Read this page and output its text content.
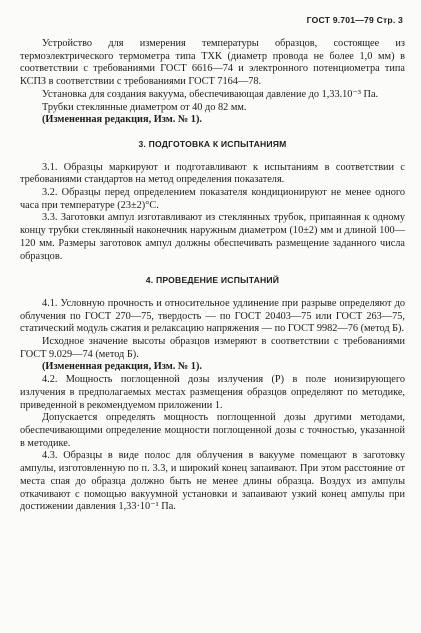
ГОСТ 9.701—79 Стр. 3

Устройство для измерения температуры образцов, состоящее из термоэлектрического термометра типа ТХК (диаметр провода не более 1,0 мм) в соответствии с требованиями ГОСТ 6616—74 и электронного потенциометра типа КСПЗ в соответствии с требованиями ГОСТ 7164—78.

Установка для создания вакуума, обеспечивающая давление до 1,33.10⁻³ Па.

Трубки стеклянные диаметром от 40 до 82 мм.

(Измененная редакция, Изм. № 1).

3. ПОДГОТОВКА К ИСПЫТАНИЯМ

3.1. Образцы маркируют и подготавливают к испытаниям в соответствии с требованиями стандартов на метод определения показателя.

3.2. Образцы перед определением показателя кондиционируют не менее одного часа при температуре (23±2)°С.

3.3. Заготовки ампул изготавливают из стеклянных трубок, припаянная к одному концу трубки стеклянный наконечник наружным диаметром (10±2) мм и длиной 100—120 мм. Размеры заготовок ампул должны обеспечивать размещение заданного числа образцов.

4. ПРОВЕДЕНИЕ ИСПЫТАНИЙ

4.1. Условную прочность и относительное удлинение при разрыве определяют до облучения по ГОСТ 270—75, твердость — по ГОСТ 20403—75 или ГОСТ 263—75, статический модуль сжатия и релаксацию напряжения — по ГОСТ 9982—76 (метод Б).

Исходное значение высоты образцов измеряют в соответствии с требованиями ГОСТ 9.029—74 (метод Б).

(Измененная редакция, Изм. № 1).

4.2. Мощность поглощенной дозы излучения (Р) в поле ионизирующего излучения в предполагаемых местах размещения образцов определяют по методике, приведенной в рекомендуемом приложении 1.

Допускается определять мощность поглощенной дозы другими методами, обеспечивающими определение мощности поглощенной дозы с точностью, указанной в методике.

4.3. Образцы в виде полос для облучения в вакууме помещают в заготовку ампулы, изготовленную по п. 3.3, и широкий конец запаивают. При этом расстояние от места спая до образца должно быть не менее длины образца. Воздух из ампулы откачивают с помощью вакуумной установки и запаивают узкий конец ампулы при достижении давления 1,33·10⁻¹ Па.
